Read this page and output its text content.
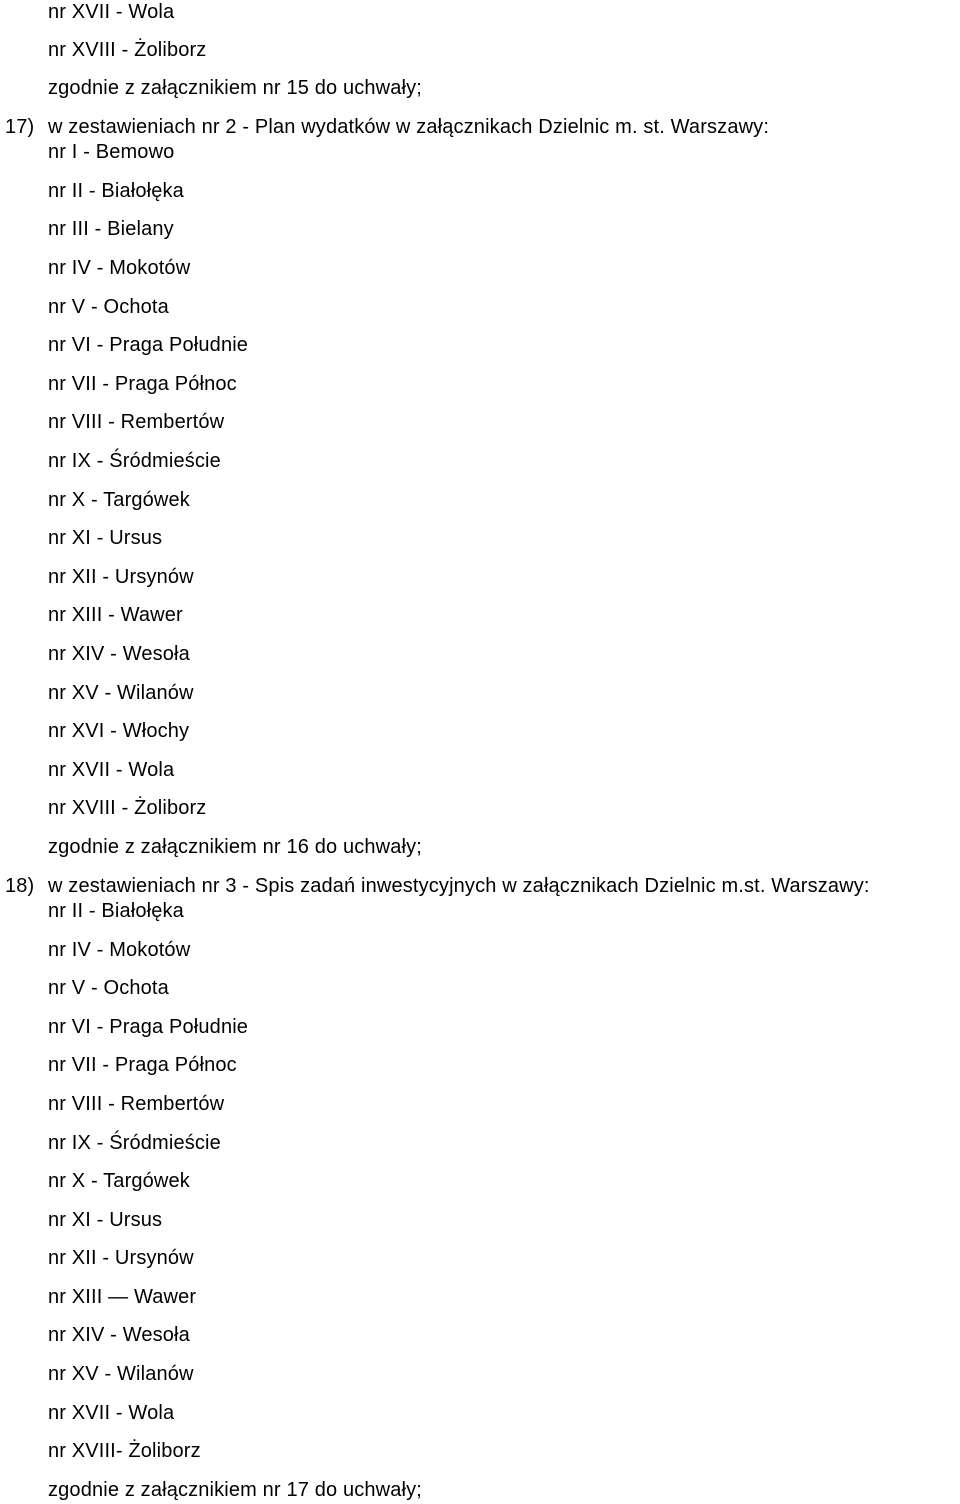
nr XVII - Wola
nr XVIII - Żoliborz
zgodnie z załącznikiem nr 15 do uchwały;
17) w zestawieniach nr 2 - Plan wydatków w załącznikach Dzielnic m. st. Warszawy:
nr I - Bemowo
nr II - Białołęka
nr III - Bielany
nr IV - Mokotów
nr V - Ochota
nr VI - Praga Południe
nr VII - Praga Północ
nr VIII - Rembertów
nr IX - Śródmieście
nr X - Targówek
nr XI - Ursus
nr XII - Ursynów
nr XIII - Wawer
nr XIV - Wesoła
nr XV - Wilanów
nr XVI - Włochy
nr XVII - Wola
nr XVIII - Żoliborz
zgodnie z załącznikiem nr 16 do uchwały;
18) w zestawieniach nr 3 - Spis zadań inwestycyjnych w załącznikach Dzielnic m.st. Warszawy:
nr II - Białołęka
nr IV - Mokotów
nr V - Ochota
nr VI - Praga Południe
nr VII - Praga Północ
nr VIII - Rembertów
nr IX - Śródmieście
nr X - Targówek
nr XI - Ursus
nr XII - Ursynów
nr XIII — Wawer
nr XIV - Wesoła
nr XV - Wilanów
nr XVII - Wola
nr XVIII- Żoliborz
zgodnie z załącznikiem nr 17 do uchwały;
